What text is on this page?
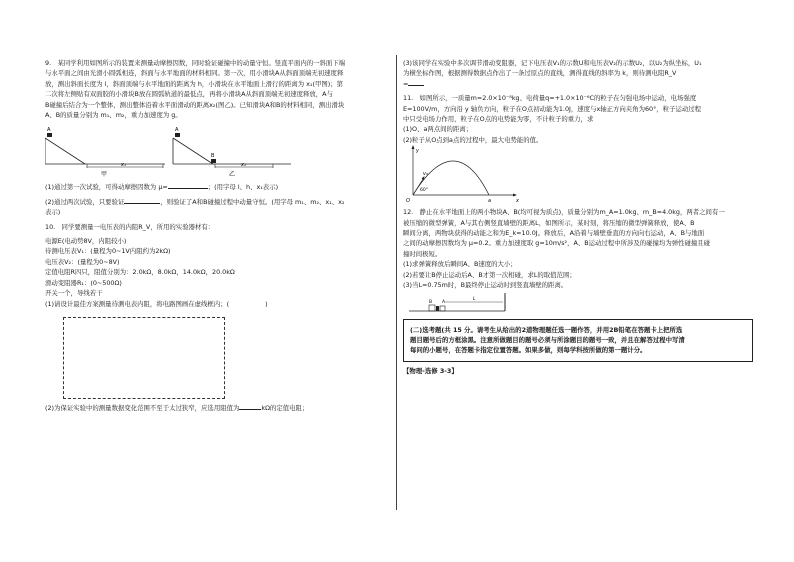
9.　某同学利用如图所示的装置来测量动摩擦因数，同时验证碰撞中的动量守恒。竖直平面内的一斜面下端

与水平面之间由光滑小圆弧相连，斜面与水平地面的材料相同。第一次，用小滑块A从斜面顶端无初速度释

放，测出斜面长度为 l，斜面顶端与水平地面的距离为 h，小滑块在水平地面上滑行的距离为 x₁(甲图)；第

二次将左侧贴有双面胶的小滑块B放在圆弧轨道的最低点，再将小滑块A从斜面顶端无初速度释放，A与

B碰撞后结合为一个整体，测出整体沿着水平面滑动的距离x₂(图乙)。已知滑块A和B的材料相同，测出滑块

A、B的质量分别为 m₁、m₂，重力加速度为 g。

x₁
A
甲
x₂
A
B
乙

(1)通过第一次试验，可得动摩擦因数为 μ=	；(用字母 l、h、x₁表示)

(2)通过两次试验，只要验证	，则验证了A和B碰撞过程中动量守恒。(用字母 m₁、m₂、x₁、x₂

表示)

10.　同学要测量一电压表的内阻R_V，所用的实验器材有：

电源E(电动势8V，内阻较小)

待测电压表V₁：(量程为0~1V内阻约为2kΩ)

电压表V₂：(量程为0~8V)

定值电阻R四只，阻值分别为：2.0kΩ，8.0kΩ，14.0kΩ，20.0kΩ

滑动变阻器R₁：(0~500Ω)

开关一个，导线若干

(1)请设计最佳方案测量待测电表内阻，将电路图画在虚线框内；(	)

(2)为保证实验中的测量数据变化范围不至于太过狭窄，应选用阻值为	kΩ的定值电阻；

(3)该同学在实验中多次调节滑动变阻器，记下电压表V₁的示数U和电压表V₂的示数U₂，以U₂为纵坐标，U₁

为横坐标作图，根据测得数据点作出了一条过原点的直线，测得直线的斜率为 k，则待测电阻R_V

=

11.　如图所示，一质量m=2.0×10⁻⁸kg、电荷量q=+1.0×10⁻⁶C的粒子在匀强电场中运动，电场强度

E=100V/m，方向沿 y 轴负方向，粒子在O点初动能为1.0J，速度与x轴正方向夹角为60°，粒子运动过程

中只受电场力作用，粒子在O点的电势能为零，不计粒子的重力，求

(1)O、a两点间的距离；

(2)粒子从O点到a点的过程中，最大电势能的值。

v₀
60°
y
x
O	a

12.　静止在水平地面上的两小物块A、B(均可视为质点)，质量分别为m_A=1.0kg、m_B=4.0kg，两者之间有一

被压缩的微型弹簧，A与其右侧竖直墙壁的距离L，如图所示，某时刻，将压缩的微型弹簧释放，使A、B

瞬间分离，两物块获得的动能之和为E_k=10.0J。释放后，A沿着与墙壁垂直的方向向右运动，A、B与地面

之间的动摩擦因数均为 μ=0.2。重力加速度取 g=10m/s²，A、B运动过程中所涉及的碰撞均为弹性碰撞且碰

撞时间极短。

(1)求弹簧释放后瞬间A、B速度的大小；

(2)若要让B停止运动后A、B才第一次相碰，求L的取值范围；

(3)当L=0.75m时，B最终停止运动时到竖直墙壁的距离。

B A
L

(二)选考题(共 15 分。请考生从给出的2道物理题任选一题作答，并用2B铅笔在答题卡上把所选

题目题号后的方框涂黑。注意所做题目的题号必须与所涂题目的题号一致，并且在解答过程中写清

每问的小题号，在答题卡指定位置答题。如果多做，则每学科按所做的第一题计分。

【物理-选修 3-3】
